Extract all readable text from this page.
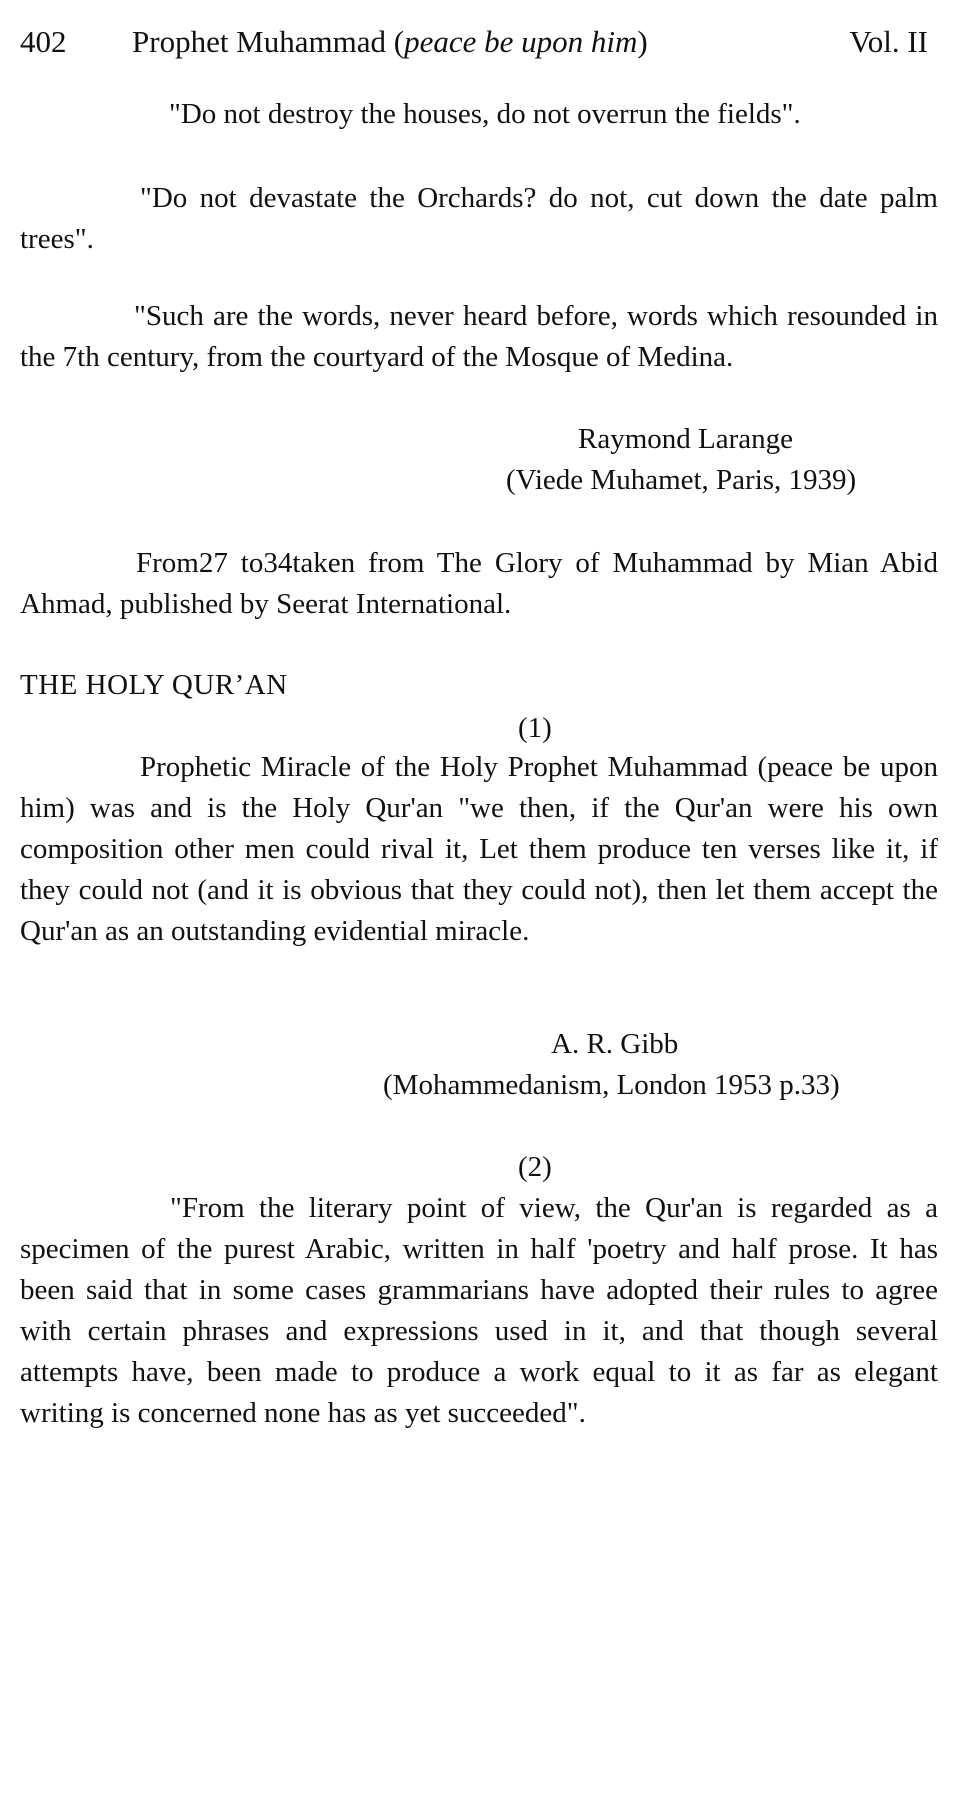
402 Prophet Muhammad (peace be upon him)	Vol. II
"Do not destroy the houses, do not overrun the fields".
"Do not devastate the Orchards? do not, cut down the date palm trees".
"Such are the words, never heard before, words which resounded in the 7th century, from the courtyard of the Mosque of Medina.
Raymond Larange
(Viede Muhamet, Paris, 1939)
From27 to34taken from The Glory of Muhammad by Mian Abid Ahmad, published by Seerat International.
THE HOLY QUR’AN
(1)
Prophetic Miracle of the Holy Prophet Muhammad (peace be upon him) was and is the Holy Qur'an "we then, if the Qur'an were his own composition other men could rival it, Let them produce ten verses like it, if they could not (and it is obvious that they could not), then let them accept the Qur'an as an outstanding evidential miracle.
A. R. Gibb
(Mohammedanism, London 1953 p.33)
(2)
"From the literary point of view, the Qur'an is regarded as a specimen of the purest Arabic, written in half 'poetry and half prose. It has been said that in some cases grammarians have adopted their rules to agree with certain phrases and expressions used in it, and that though several attempts have, been made to produce a work equal to it as far as elegant writing is concerned none has as yet succeeded".
